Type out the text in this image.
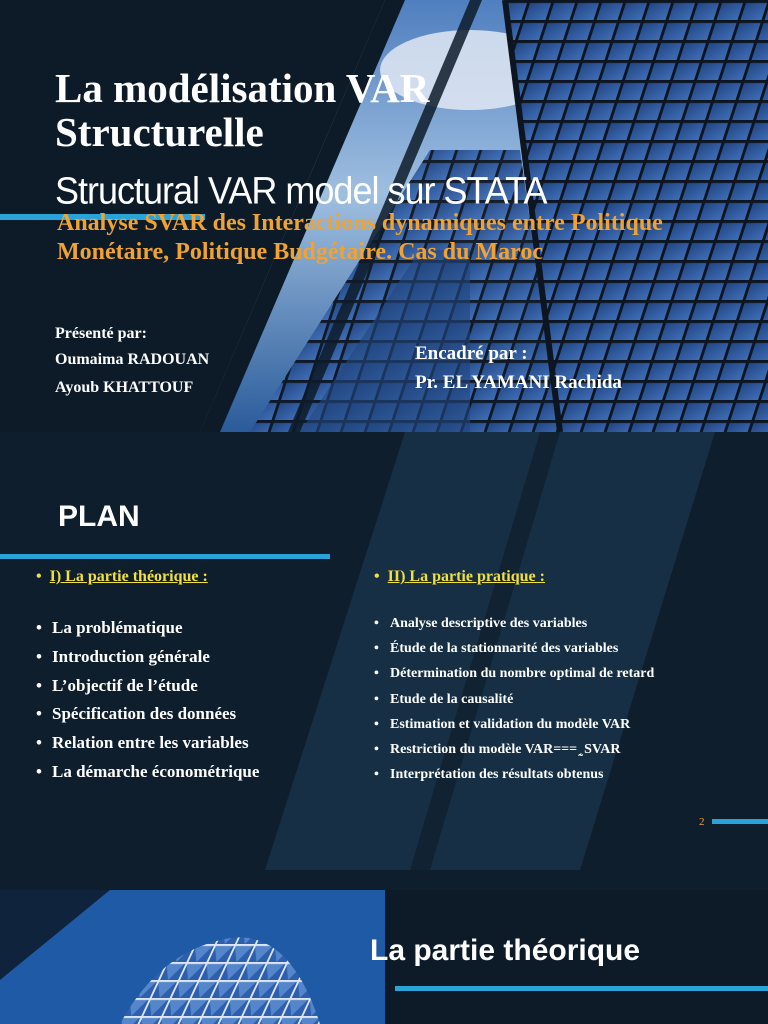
La modélisation VAR
Structurelle
Structural VAR model sur STATA
Analyse SVAR des Interactions dynamiques entre Politique Monétaire, Politique Budgétaire. Cas du Maroc
Présenté par:
Oumaima RADOUAN
Ayoub KHATTOUF
Encadré par :
Pr. EL YAMANI Rachida
PLAN
• I) La partie théorique :
• La problématique
• Introduction générale
• L’objectif de l’étude
• Spécification des données
• Relation entre les variables
• La démarche économétrique
• II) La partie pratique :
• Analyse descriptive des variables
• Étude de la stationnarité des variables
• Détermination du nombre optimal de retard
• Etude de la causalité
• Estimation et validation du modèle VAR
• Restriction du modèle VAR=== ̰͔ SVAR
• Interprétation des résultats obtenus
2
La partie théorique
